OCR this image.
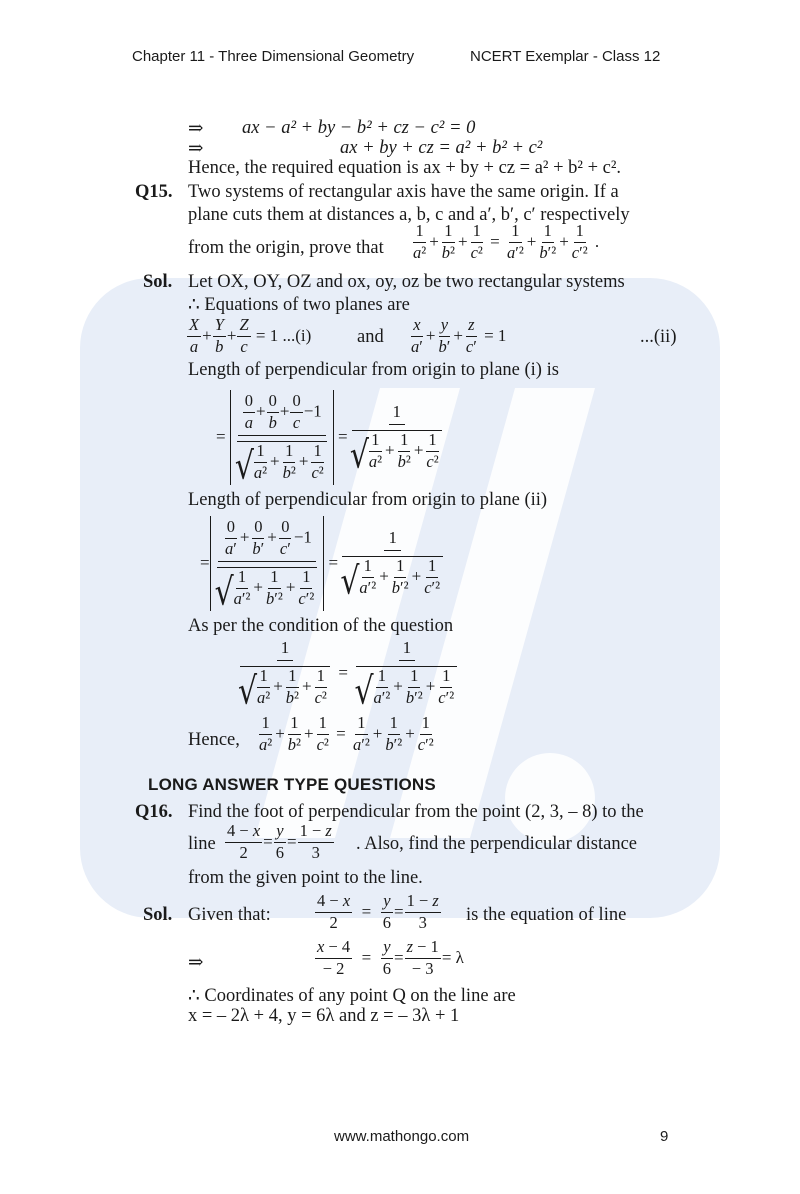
Chapter 11 - Three Dimensional Geometry	NCERT Exemplar - Class 12
⇒ ax − a² + by − b² + cz − c² = 0
⇒	ax + by + cz = a² + b² + c²
Hence, the required equation is ax + by + cz = a² + b² + c².
Q15. Two systems of rectangular axis have the same origin. If a
plane cuts them at distances a, b, c and a′, b′, c′ respectively
from the origin, prove that
1
a²
+
1
b²
+
1
c²
=
1
a′²
+
1
b′²
+
1
c′²
.
Sol. Let OX, OY, OZ and ox, oy, oz be two rectangular systems
∴ Equations of two planes are
X
a
+
Y
b
+ $\frac{Z}{c}$
= 1 ...(i) and
x
a′
+
y
b′
+ $\frac{z}{c'}$
= 1	...(ii)
Length of perpendicular from origin to plane (i) is
= $\frac{0}{a} + \frac{0}{b} + \frac{0}{c} -1$
√ $\frac{1}{\text{a²}} + \frac{1}{\text{b²}} + \frac{1}{\text{c²}}$ =
1
√ $\frac{1}{\text{a²}} + \frac{1}{\text{b²}} + \frac{1}{\text{c²}}$
Length of perpendicular from origin to plane (ii)
= $\frac{0}{a'} + \frac{0}{b'} + \frac{0}{c'} -1$
√ $\frac{1}{\text{a′²}} + \frac{1}{\text{b′²}} + \frac{1}{\text{c′²}}$ =
1
√ $\frac{1}{\text{a′²}} + \frac{1}{\text{b′²}} + \frac{1}{\text{c′²}}$
As per the condition of the question
1
√ $\frac{1}{\text{a²}} + \frac{1}{\text{b²}} + \frac{1}{\text{c²}}$ =
1
√ $\frac{1}{\text{a′²}} + \frac{1}{\text{b′²}} + \frac{1}{\text{c′²}}$
Hence,
1
a²
+
1
b²
+
1
c²
=
1
a′²
+
1
b′²
+
1
c′²
LONG ANSWER TYPE QUESTIONS
Q16. Find the foot of perpendicular from the point (2, 3, – 8) to the
line
4 − x
2
=
y
6
=
1 − z
3 . Also, find the perpendicular distance
from the given point to the line.
Sol. Given that:
4 − x
2
=
y
6
=
1 − z
3 is the equation of line
⇒
x − 4
− 2
=
y
6
=
z − 1
− 3
= λ
∴ Coordinates of any point Q on the line are
x = – 2λ + 4, y = 6λ and z = – 3λ + 1
www.mathongo.com	9
